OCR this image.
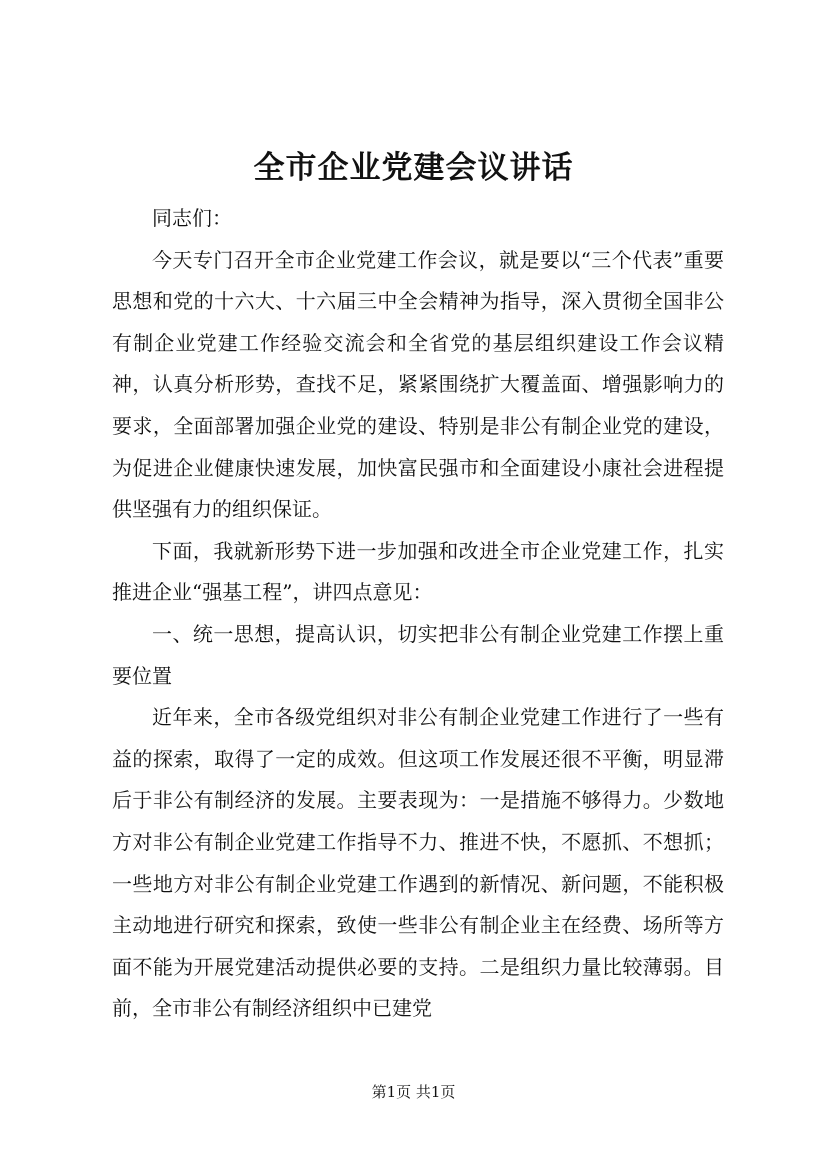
全市企业党建会议讲话

同志们：

今天专门召开全市企业党建工作会议，就是要以“三个代表”重要思想和党的十六大、十六届三中全会精神为指导，深入贯彻全国非公有制企业党建工作经验交流会和全省党的基层组织建设工作会议精神，认真分析形势，查找不足，紧紧围绕扩大覆盖面、增强影响力的要求，全面部署加强企业党的建设、特别是非公有制企业党的建设，为促进企业健康快速发展，加快富民强市和全面建设小康社会进程提供坚强有力的组织保证。

下面，我就新形势下进一步加强和改进全市企业党建工作，扎实推进企业“强基工程”，讲四点意见：

一、统一思想，提高认识，切实把非公有制企业党建工作摆上重要位置

近年来，全市各级党组织对非公有制企业党建工作进行了一些有益的探索，取得了一定的成效。但这项工作发展还很不平衡，明显滞后于非公有制经济的发展。主要表现为：一是措施不够得力。少数地方对非公有制企业党建工作指导不力、推进不快，不愿抓、不想抓；一些地方对非公有制企业党建工作遇到的新情况、新问题，不能积极主动地进行研究和探索，致使一些非公有制企业主在经费、场所等方面不能为开展党建活动提供必要的支持。二是组织力量比较薄弱。目前，全市非公有制经济组织中已建党

第1页 共1页
